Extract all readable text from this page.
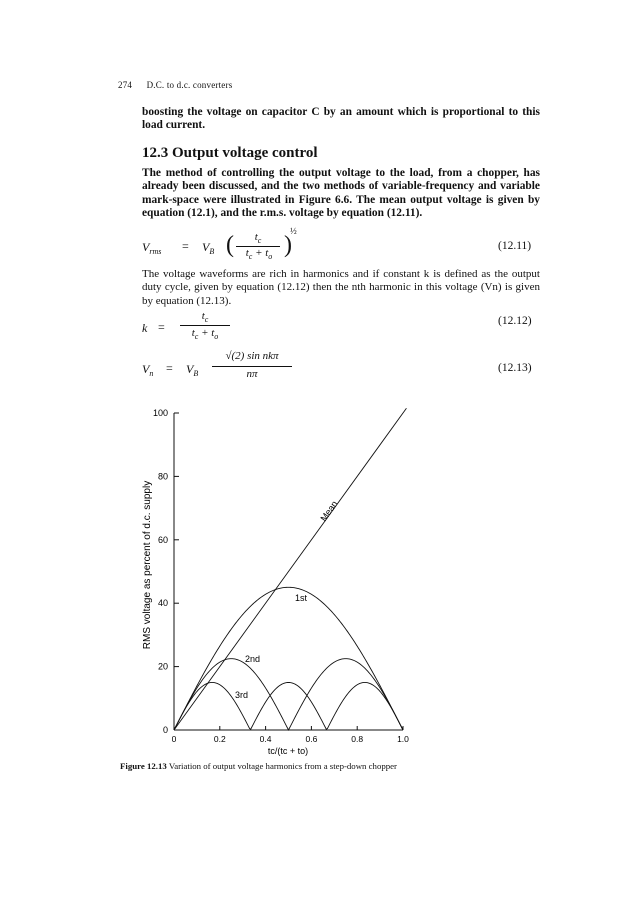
274 D.C. to d.c. converters
boosting the voltage on capacitor C by an amount which is proportional to this load current.
12.3 Output voltage control
The method of controlling the output voltage to the load, from a chopper, has already been discussed, and the two methods of variable-frequency and variable mark-space were illustrated in Figure 6.6. The mean output voltage is given by equation (12.1), and the r.m.s. voltage by equation (12.11).
$V_{rms} = V_B$ (	$t_c$
$t_c + t_o$ )
½
(12.11)
The voltage waveforms are rich in harmonics and if constant k is defined as the output duty cycle, given by equation (12.12) then the nth harmonic in this voltage (Vn) is given by equation (12.13).
k =
$t_c$
$t_c + t_o$
(12.12)
$V_n = V_B$
√(2) sin nkπ
nπ	(12.13)
0
20
40
60
80
100
0	0.2	0.4	0.6	0.8	1.0
RMS voltage as percent of d.c. supply
tc/(tc + to)
Mean
1st
2nd
3rd
Figure 12.13 Variation of output voltage harmonics from a step-down chopper
